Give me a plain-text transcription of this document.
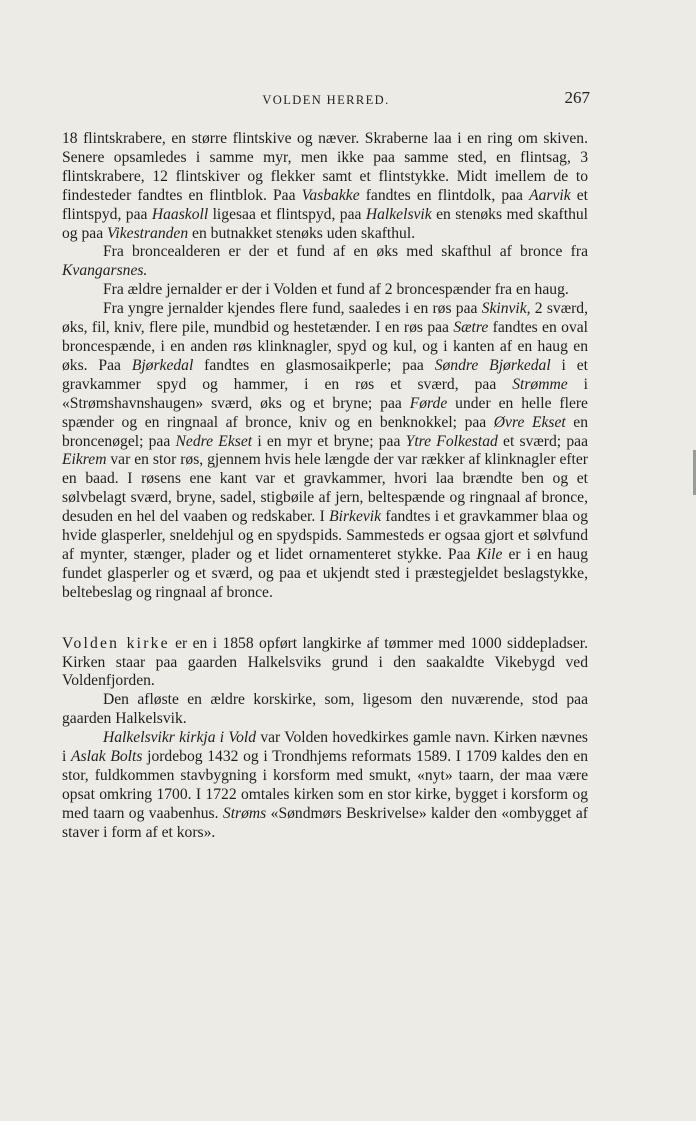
VOLDEN HERRED.	267

18 flintskrabere, en større flintskive og næver. Skraberne laa i en ring om skiven. Senere opsamledes i samme myr, men ikke paa samme sted, en flintsag, 3 flintskrabere, 12 flintskiver og flekker samt et flintstykke. Midt imellem de to findesteder fandtes en flintblok. Paa Vasbakke fandtes en flintdolk, paa Aarvik et flintspyd, paa Haaskoll ligesaa et flintspyd, paa Halkelsvik en stenøks med skafthul og paa Vikestranden en butnakket stenøks uden skafthul.

Fra broncealderen er der et fund af en øks med skafthul af bronce fra Kvangarsnes.

Fra ældre jernalder er der i Volden et fund af 2 broncespænder fra en haug.

Fra yngre jernalder kjendes flere fund, saaledes i en røs paa Skinvik, 2 sværd, øks, fil, kniv, flere pile, mundbid og hestetænder. I en røs paa Sætre fandtes en oval broncespænde, i en anden røs klinknagler, spyd og kul, og i kanten af en haug en øks. Paa Bjørkedal fandtes en glasmosaikperle; paa Søndre Bjørkedal i et gravkammer spyd og hammer, i en røs et sværd, paa Strømme i «Strømshavnshaugen» sværd, øks og et bryne; paa Førde under en helle flere spænder og en ringnaal af bronce, kniv og en benknokkel; paa Øvre Ekset en broncenøgel; paa Nedre Ekset i en myr et bryne; paa Ytre Folkestad et sværd; paa Eikrem var en stor røs, gjennem hvis hele længde der var rækker af klinknagler efter en baad. I røsens ene kant var et gravkammer, hvori laa brændte ben og et sølvbelagt sværd, bryne, sadel, stigbøile af jern, beltespænde og ringnaal af bronce, desuden en hel del vaaben og redskaber. I Birkevik fandtes i et gravkammer blaa og hvide glasperler, sneldehjul og en spydspids. Sammesteds er ogsaa gjort et sølvfund af mynter, stænger, plader og et lidet ornamenteret stykke. Paa Kile er i en haug fundet glasperler og et sværd, og paa et ukjendt sted i præstegjeldet beslagstykke, beltebeslag og ringnaal af bronce.

Volden kirke er en i 1858 opført langkirke af tømmer med 1000 siddepladser. Kirken staar paa gaarden Halkelsviks grund i den saakaldte Vikebygd ved Voldenfjorden.

Den afløste en ældre korskirke, som, ligesom den nuværende, stod paa gaarden Halkelsvik.

Halkelsvikr kirkja i Vold var Volden hovedkirkes gamle navn. Kirken nævnes i Aslak Bolts jordebog 1432 og i Trondhjems reformats 1589. I 1709 kaldes den en stor, fuldkommen stavbygning i korsform med smukt, «nyt» taarn, der maa være opsat omkring 1700. I 1722 omtales kirken som en stor kirke, bygget i korsform og med taarn og vaabenhus. Strøms «Søndmørs Beskrivelse» kalder den «ombygget af staver i form af et kors».
